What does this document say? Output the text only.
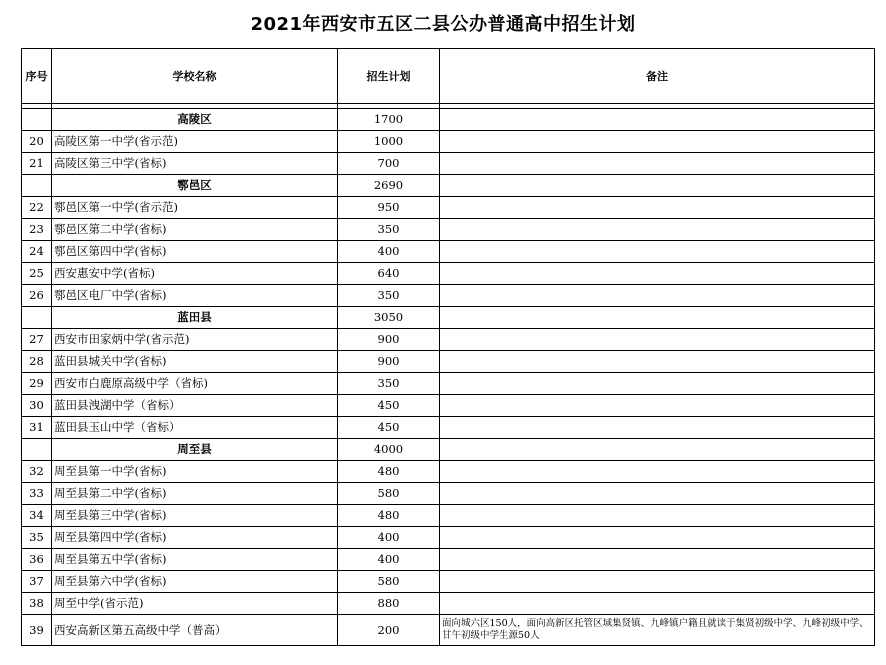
2021年西安市五区二县公办普通高中招生计划
序号	学校名称	招生计划	备注

	高陵区	1700	
20	高陵区第一中学(省示范)	1000	
21	高陵区第三中学(省标)	700	
	鄠邑区	2690	
22	鄠邑区第一中学(省示范)	950	
23	鄠邑区第二中学(省标)	350	
24	鄠邑区第四中学(省标)	400	
25	西安惠安中学(省标)	640	
26	鄠邑区电厂中学(省标)	350	
	蓝田县	3050	
27	西安市田家炳中学(省示范)	900	
28	蓝田县城关中学(省标)	900	
29	西安市白鹿原高级中学（省标)	350	
30	蓝田县洩湖中学（省标）	450	
31	蓝田县玉山中学（省标）	450	
	周至县	4000	
32	周至县第一中学(省标)	480	
33	周至县第二中学(省标)	580	
34	周至县第三中学(省标)	480	
35	周至县第四中学(省标)	400	
36	周至县第五中学(省标)	400	
37	周至县第六中学(省标)	580	
38	周至中学(省示范)	880	
39	西安高新区第五高级中学（普高）	200	面向城六区150人，面向高新区托管区域集贤镇、九峰镇户籍且就读于集贤初级中学、九峰初级中学、甘午初级中学生源50人
